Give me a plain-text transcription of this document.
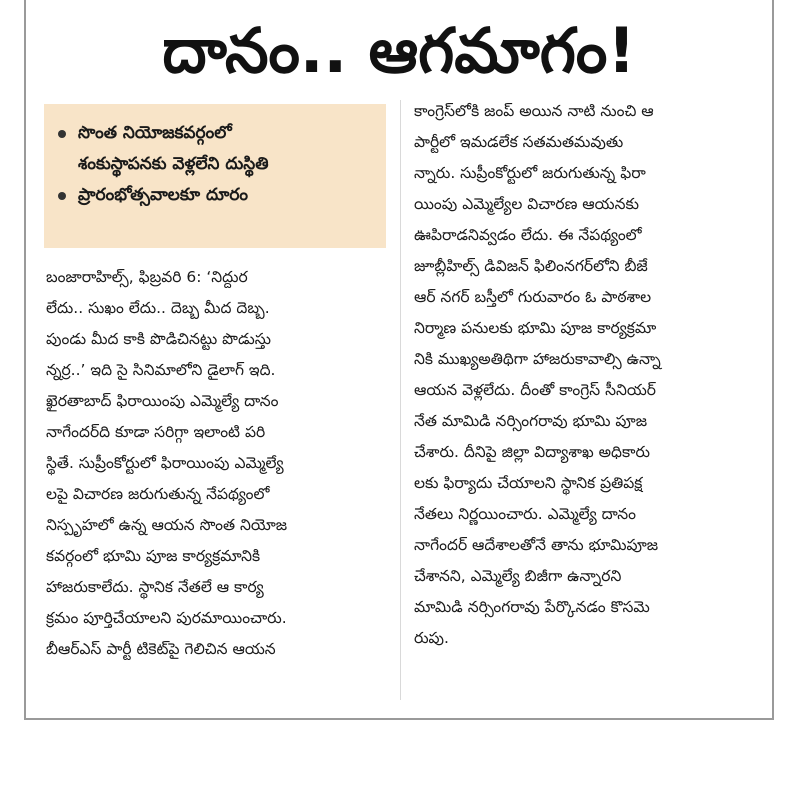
దానం.. ఆగమాగం!
సొంత నియోజకవర్గంలో
శంకుస్థాపనకు వెళ్లలేని దుస్థితి
ప్రారంభోత్సవాలకూ దూరం
బంజారాహిల్స్, ఫిబ్రవరి 6: ‘నిద్దుర
లేదు.. సుఖం లేదు.. దెబ్బ మీద దెబ్బ.
పుండు మీద కాకి పొడిచినట్టు పొడుస్తు
న్నర్ర..’ ఇది సై సినిమాలోని డైలాగ్ ఇది.
ఖైరతాబాద్ ఫిరాయింపు ఎమ్మెల్యే దానం
నాగేందర్‌ది కూడా సరిగ్గా ఇలాంటి పరి
స్థితే. సుప్రీంకోర్టులో ఫిరాయింపు ఎమ్మెల్యే
లపై విచారణ జరుగుతున్న నేపథ్యంలో
నిస్పృహలో ఉన్న ఆయన సొంత నియోజ
కవర్గంలో భూమి పూజ కార్యక్రమానికి
హాజరుకాలేదు. స్థానిక నేతలే ఆ కార్య
క్రమం పూర్తిచేయాలని పురమాయించారు.
బీఆర్‌ఎస్ పార్టీ టికెట్‌పై గెలిచిన ఆయన
కాంగ్రెస్‌లోకి జంప్ అయిన నాటి నుంచి ఆ
పార్టీలో ఇమడలేక సతమతమవుతు
న్నారు. సుప్రీంకోర్టులో జరుగుతున్న ఫిరా
యింపు ఎమ్మెల్యేల విచారణ ఆయనకు
ఊపిరాడనివ్వడం లేదు. ఈ నేపథ్యంలో
జూబ్లీహిల్స్ డివిజన్ ఫిలింనగర్‌లోని బీజే
ఆర్ నగర్ బస్తీలో గురువారం ఓ పాఠశాల
నిర్మాణ పనులకు భూమి పూజ కార్యక్రమా
నికి ముఖ్యఅతిథిగా హాజరుకావాల్సి ఉన్నా
ఆయన వెళ్లలేదు. దీంతో కాంగ్రెస్ సీనియర్
నేత మామిడి నర్సింగరావు భూమి పూజ
చేశారు. దీనిపై జిల్లా విద్యాశాఖ అధికారు
లకు ఫిర్యాదు చేయాలని స్థానిక ప్రతిపక్ష
నేతలు నిర్ణయించారు. ఎమ్మెల్యే దానం
నాగేందర్ ఆదేశాలతోనే తాను భూమిపూజ
చేశానని, ఎమ్మెల్యే బిజీగా ఉన్నారని
మామిడి నర్సింగరావు పేర్కొనడం కొసమె
రుపు.
